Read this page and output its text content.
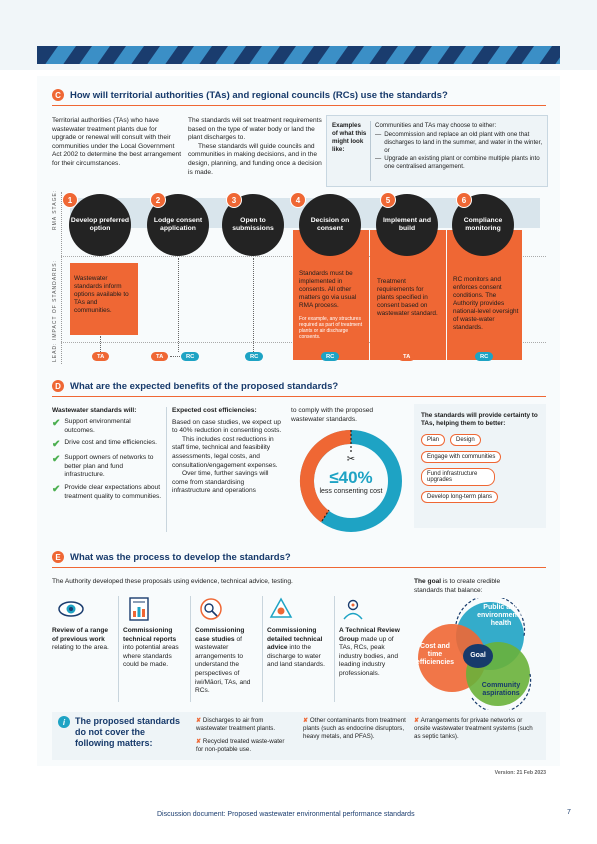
C How will territorial authorities (TAs) and regional councils (RCs) use the standards?

Territorial authorities (TAs) who have wastewater treatment plants due for upgrade or renewal will consult with their communities under the Local Government Act 2002 to determine the best arrangement for their circumstances.

The standards will set treatment requirements based on the type of water body or land the plant discharges to.

These standards will guide councils and communities in making decisions, and in the design, planning, and funding once a decision is made.

Examples of what this might look like:

Communities and TAs may choose to either:

— Decommission and replace an old plant with one that discharges to land in the summer, and water in the winter, or
— Upgrade an existing plant or combine multiple plants into one centralised arrangement.
RMA STAGE:
IMPACT OF STANDARDS:
LEAD:
Develop preferred option
1
Lodge consent application
2
Open to submissions
3
Decision on consent
4
Implement and build
5
Compliance monitoring
6
Wastewater standards inform options available to TAs and communities.
Standards must be implemented in consents. All other matters go via usual RMA process.
For example, any structures required as part of treatment plants or air discharge consents.
Treatment requirements for plants specified in consent based on wastewater standard.
RC monitors and enforces consent conditions. The Authority provides national-level oversight of waste-water standards.
TA	TA	RC	RC	RC	TA	RC
D What are the expected benefits of the proposed standards?
Wastewater standards will:
✔ Support environmental outcomes.
✔ Drive cost and time efficiencies.
✔ Support owners of networks to better plan and fund infrastructure.
✔ Provide clear expectations about treatment quality to communities.

Expected cost efficiencies:

Based on case studies, we expect up to 40% reduction in consenting costs.

This includes cost reductions in staff time, technical and feasibility assessments, legal costs, and consultation/engagement expenses.

Over time, further savings will come from standardising infrastructure and operations

to comply with the proposed wastewater standards.
✂
≤40%
less consenting cost
The standards will provide certainty to TAs, helping them to better:
Plan	Design
Engage with communities
Fund infrastructure upgrades
Develop long-term plans
E What was the process to develop the standards?
The Authority developed these proposals using evidence, technical advice, testing.
Review of a range of previous work relating to the area.
Commissioning technical reports into potential areas where standards could be made.
Commissioning case studies of wastewater arrangements to understand the perspectives of iwi/Māori, TAs, and RCs.
Commissioning detailed technical advice into the discharge to water and land standards.
A Technical Review Group made up of TAs, RCs, peak industry bodies, and leading industry professionals.
The goal is to create credible standards that balance:
Public and environmental health
Cost and time efficiencies
Community aspirations
Goal
i	The proposed standards do not cover the following matters:
✘ Discharges to air from wastewater treatment plants.
✘ Recycled treated waste-water for non-potable use.
✘ Other contaminants from treatment plants (such as endocrine disruptors, heavy metals, and PFAS).
✘ Arrangements for private networks or onsite wastewater treatment systems (such as septic tanks).
Version: 21 Feb 2023
Discussion document: Proposed wastewater environmental performance standards	7
